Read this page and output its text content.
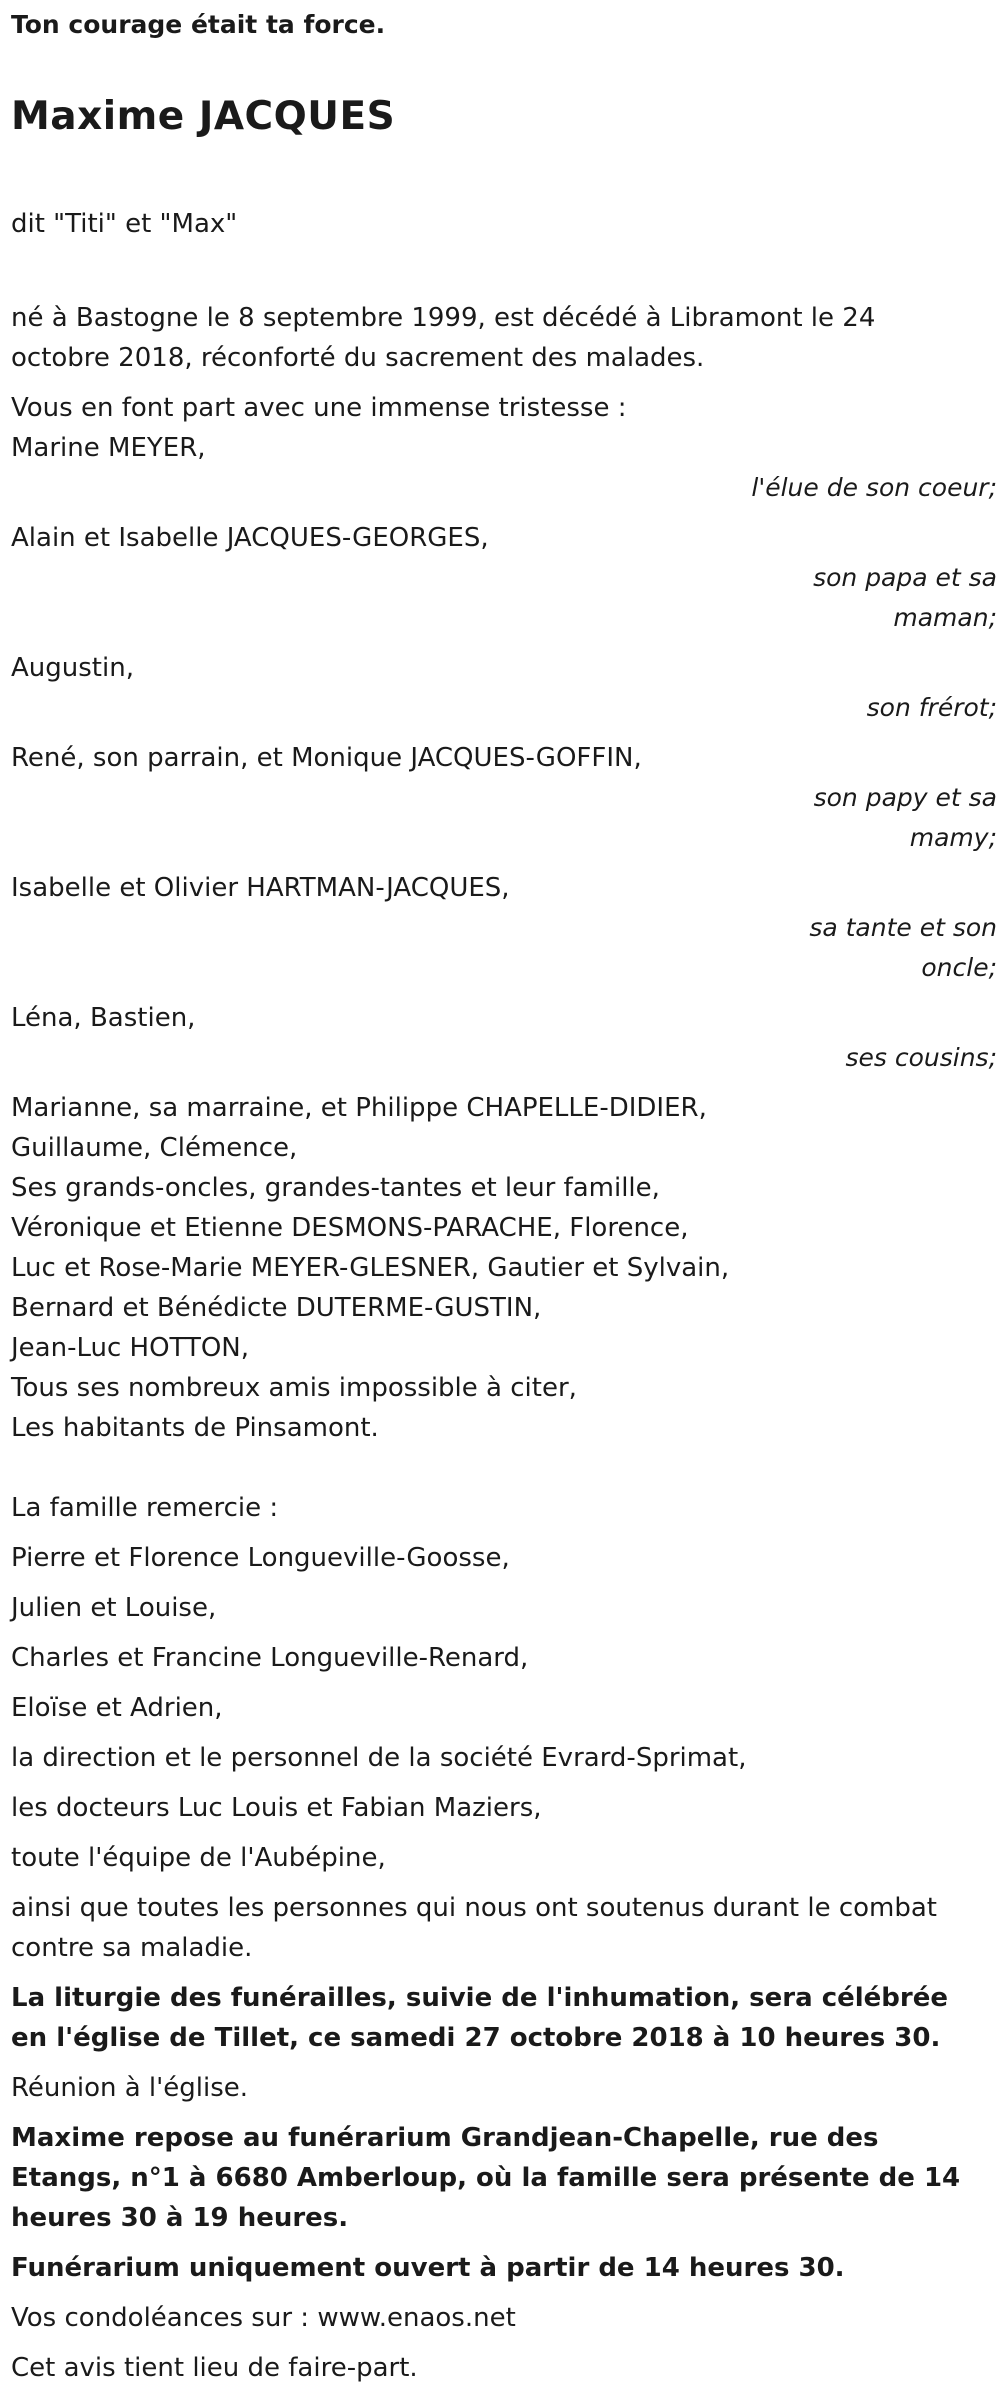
Ton courage était ta force.

Maxime JACQUES

dit "Titi" et "Max"

né à Bastogne le 8 septembre 1999, est décédé à Libramont le 24 octobre 2018, réconforté du sacrement des malades.

Vous en font part avec une immense tristesse :

Marine MEYER,
l'élue de son coeur;
Alain et Isabelle JACQUES-GEORGES,
son papa et sa maman;
Augustin,
son frérot;
René, son parrain, et Monique JACQUES-GOFFIN,
son papy et sa mamy;
Isabelle et Olivier HARTMAN-JACQUES,
sa tante et son oncle;
Léna, Bastien,
ses cousins;

Marianne, sa marraine, et Philippe CHAPELLE-DIDIER,

Guillaume, Clémence,

Ses grands-oncles, grandes-tantes et leur famille,

Véronique et Etienne DESMONS-PARACHE, Florence,

Luc et Rose-Marie MEYER-GLESNER, Gautier et Sylvain,

Bernard et Bénédicte DUTERME-GUSTIN,

Jean-Luc HOTTON,

Tous ses nombreux amis impossible à citer,

Les habitants de Pinsamont.

La famille remercie :

Pierre et Florence Longueville-Goosse,

Julien et Louise,

Charles et Francine Longueville-Renard,

Eloïse et Adrien,

la direction et le personnel de la société Evrard-Sprimat,

les docteurs Luc Louis et Fabian Maziers,

toute l'équipe de l'Aubépine,

ainsi que toutes les personnes qui nous ont soutenus durant le combat contre sa maladie.

La liturgie des funérailles, suivie de l'inhumation, sera célébrée en l'église de Tillet, ce samedi 27 octobre 2018 à 10 heures 30.

Réunion à l'église.

Maxime repose au funérarium Grandjean-Chapelle, rue des Etangs, n°1 à 6680 Amberloup, où la famille sera présente de 14 heures 30 à 19 heures.

Funérarium uniquement ouvert à partir de 14 heures 30.

Vos condoléances sur : www.enaos.net

Cet avis tient lieu de faire-part.
